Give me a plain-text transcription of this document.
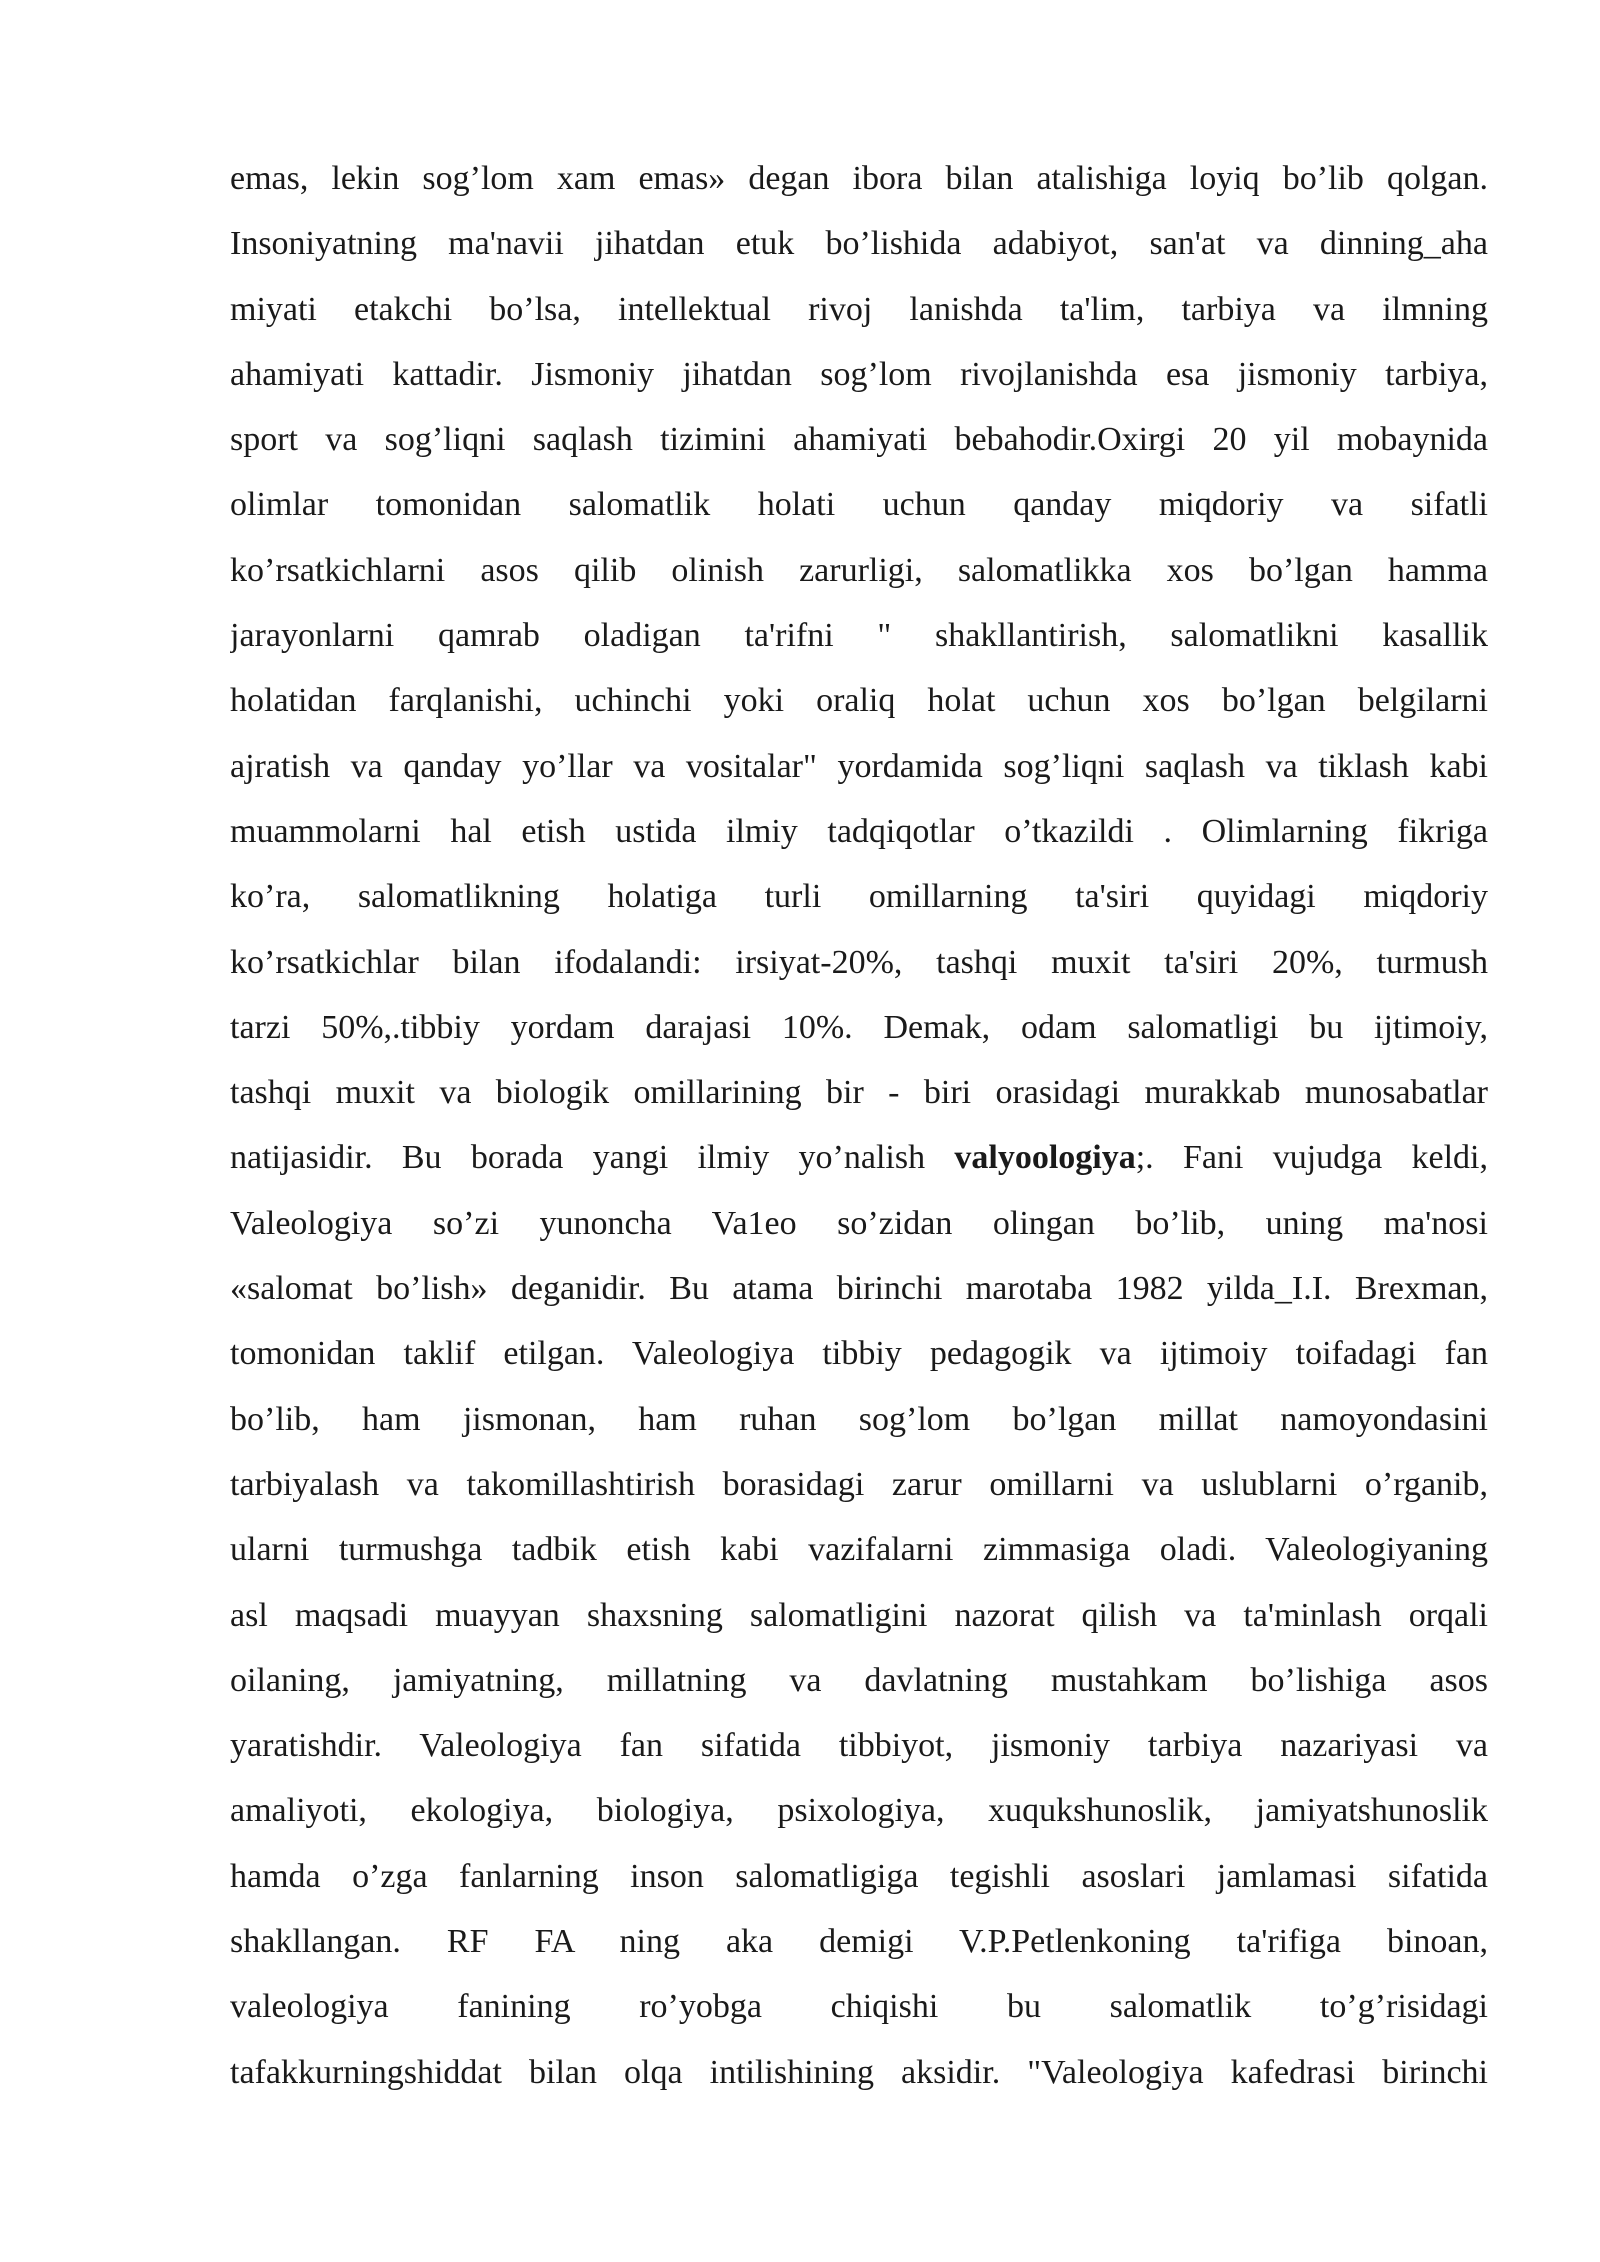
emas, lekin sog’lom xam emas» degan ibora bilan atalishiga loyiq bo’lib qolgan.
Insoniyatning ma'navii jihatdan etuk bo’lishida adabiyot, san'at va dinning_aha
miyati etakchi bo’lsa, intellektual rivoj lanishda ta'lim, tarbiya va ilmning
ahamiyati kattadir. Jismoniy jihatdan sog’lom rivojlanishda esa jismoniy tarbiya,
sport va sog’liqni saqlash tizimini ahamiyati bebahodir.Oxirgi 20 yil mobaynida
olimlar tomonidan salomatlik holati uchun qanday miqdoriy va sifatli
ko’rsatkichlarni asos qilib olinish zarurligi, salomatlikka xos bo’lgan hamma
jarayonlarni qamrab oladigan ta'rifni " shakllantirish, salomatlikni kasallik
holatidan farqlanishi, uchinchi yoki oraliq holat uchun xos bo’lgan belgilarni
ajratish va qanday yo’llar va vositalar" yordamida sog’liqni saqlash va tiklash kabi
muammolarni hal etish ustida ilmiy tadqiqotlar o’tkazildi . Olimlarning fikriga
ko’ra, salomatlikning holatiga turli omillarning ta'siri quyidagi miqdoriy
ko’rsatkichlar bilan ifodalandi: irsiyat-20%, tashqi muxit ta'siri 20%, turmush
tarzi 50%,.tibbiy yordam darajasi 10%. Demak, odam salomatligi bu ijtimoiy,
tashqi muxit va biologik omillarining bir - biri orasidagi murakkab munosabatlar
natijasidir. Bu borada yangi ilmiy yo’nalish valyoologiya;. Fani vujudga keldi,
Valeologiya so’zi yunoncha Va1eo so’zidan olingan bo’lib, uning ma'nosi
«salomat bo’lish» deganidir. Bu atama birinchi marotaba 1982 yilda_I.I. Brexman,
tomonidan taklif etilgan. Valeologiya tibbiy pedagogik va ijtimoiy toifadagi fan
bo’lib, ham jismonan, ham ruhan sog’lom bo’lgan millat namoyondasini
tarbiyalash va takomillashtirish borasidagi zarur omillarni va uslublarni o’rganib,
ularni turmushga tadbik etish kabi vazifalarni zimmasiga oladi. Valeologiyaning
asl maqsadi muayyan shaxsning salomatligini nazorat qilish va ta'minlash orqali
oilaning, jamiyatning, millatning va davlatning mustahkam bo’lishiga asos
yaratishdir. Valeologiya fan sifatida tibbiyot, jismoniy tarbiya nazariyasi va
amaliyoti, ekologiya, biologiya, psixologiya, xuqukshunoslik, jamiyatshunoslik
hamda o’zga fanlarning inson salomatligiga tegishli asoslari jamlamasi sifatida
shakllangan. RF FA ning aka demigi V.P.Petlenkoning ta'rifiga binoan,
valeologiya fanining ro’yobga chiqishi bu salomatlik to’g’risidagi
tafakkurningshiddat bilan olqa intilishining aksidir. "Valeologiya kafedrasi birinchi
